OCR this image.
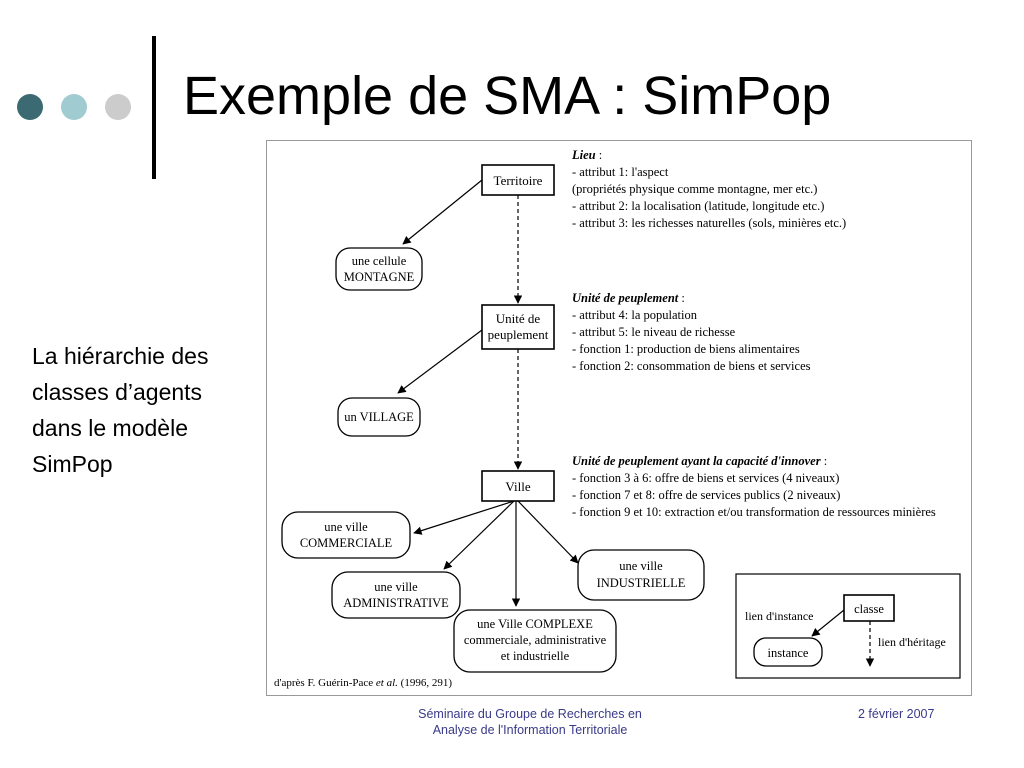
Exemple de SMA : SimPop
La hiérarchie des
classes d’agents
dans le modèle
SimPop
Territoire
Unité de
peuplement
Ville
une cellule
MONTAGNE
un VILLAGE
une ville
COMMERCIALE
une ville
ADMINISTRATIVE
une ville
INDUSTRIELLE
une Ville COMPLEXE
commerciale, administrative
et industrielle
Lieu :
- attribut 1: l'aspect
(propriétés physique comme montagne, mer etc.)
- attribut 2: la localisation (latitude, longitude etc.)
- attribut 3: les richesses naturelles (sols, minières etc.)
Unité de peuplement :
- attribut 4: la population
- attribut 5: le niveau de richesse
- fonction 1: production de biens alimentaires
- fonction 2: consommation de biens et services
Unité de peuplement ayant la capacité d'innover :
- fonction 3 à 6: offre de biens et services (4 niveaux)
- fonction 7 et 8: offre de services publics (2 niveaux)
- fonction 9 et 10: extraction et/ou transformation de ressources minières
classe
instance
lien d'instance
lien d'héritage
d'après F. Guérin-Pace et al. (1996, 291)
Séminaire du Groupe de Recherches en
Analyse de l'Information Territoriale
2 février 2007
